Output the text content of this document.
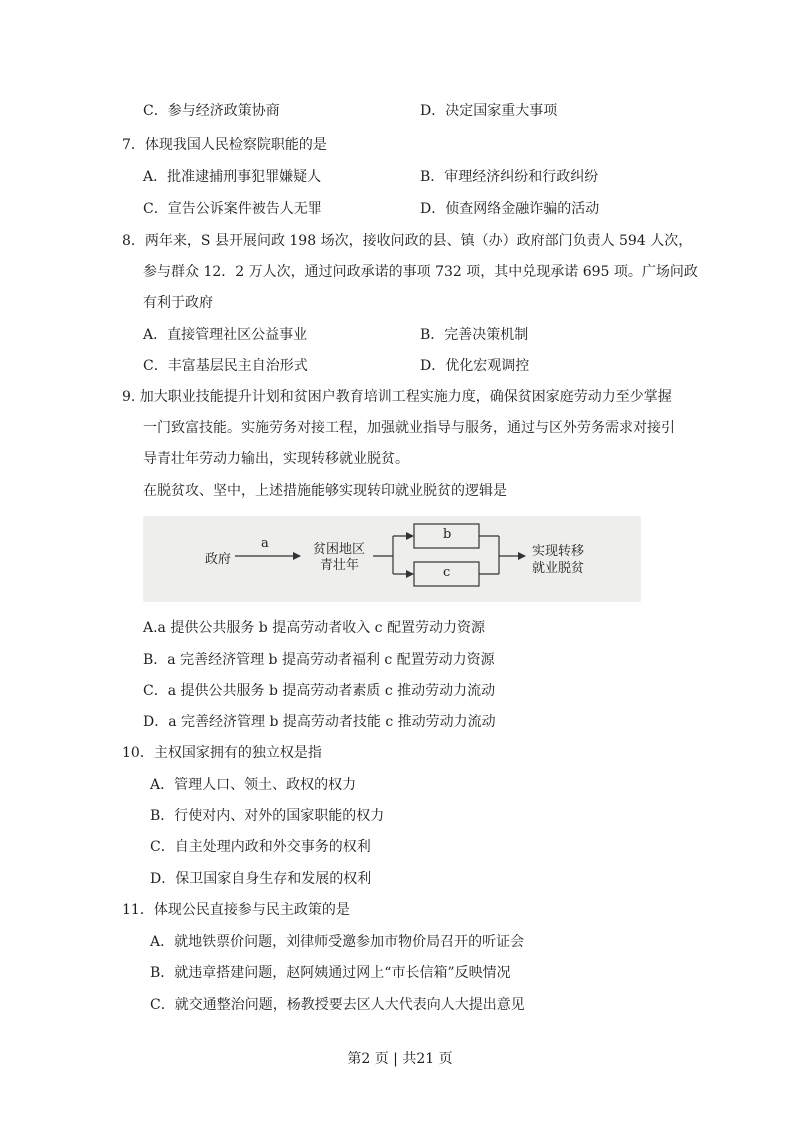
C．参与经济政策协商	D．决定国家重大事项
7．体现我国人民检察院职能的是
A．批准逮捕刑事犯罪嫌疑人	B．审理经济纠纷和行政纠纷
C．宣告公诉案件被告人无罪	D．侦查网络金融诈骗的活动
8．两年来，S 县开展问政 198 场次，接收问政的县、镇（办）政府部门负责人 594 人次，
参与群众 12．2 万人次，通过问政承诺的事项 732 项，其中兑现承诺 695 项。广场问政
有利于政府
A．直接管理社区公益事业	B．完善决策机制
C．丰富基层民主自治形式	D．优化宏观调控
9. 加大职业技能提升计划和贫困户教育培训工程实施力度，确保贫困家庭劳动力至少掌握
一门致富技能。实施劳务对接工程，加强就业指导与服务，通过与区外劳务需求对接引
导青壮年劳动力输出，实现转移就业脱贫。
在脱贫攻、坚中，上述措施能够实现转印就业脱贫的逻辑是
政府
a	贫困地区
青壮年
b
c
实现转移
就业脱贫
A.a 提供公共服务 b 提高劳动者收入 c 配置劳动力资源
B．a 完善经济管理 b 提高劳动者福利 c 配置劳动力资源
C．a 提供公共服务 b 提高劳动者素质 c 推动劳动力流动
D．a 完善经济管理 b 提高劳动者技能 c 推动劳动力流动
10．主权国家拥有的独立权是指
A．管理人口、领土、政权的权力
B．行使对内、对外的国家职能的权力
C．自主处理内政和外交事务的权利
D．保卫国家自身生存和发展的权利
11．体现公民直接参与民主政策的是
A．就地铁票价问题，刘律师受邀参加市物价局召开的听证会
B．就违章搭建问题，赵阿姨通过网上“市长信箱”反映情况
C．就交通整治问题，杨教授要去区人大代表向人大提出意见
第2 页 | 共21 页
